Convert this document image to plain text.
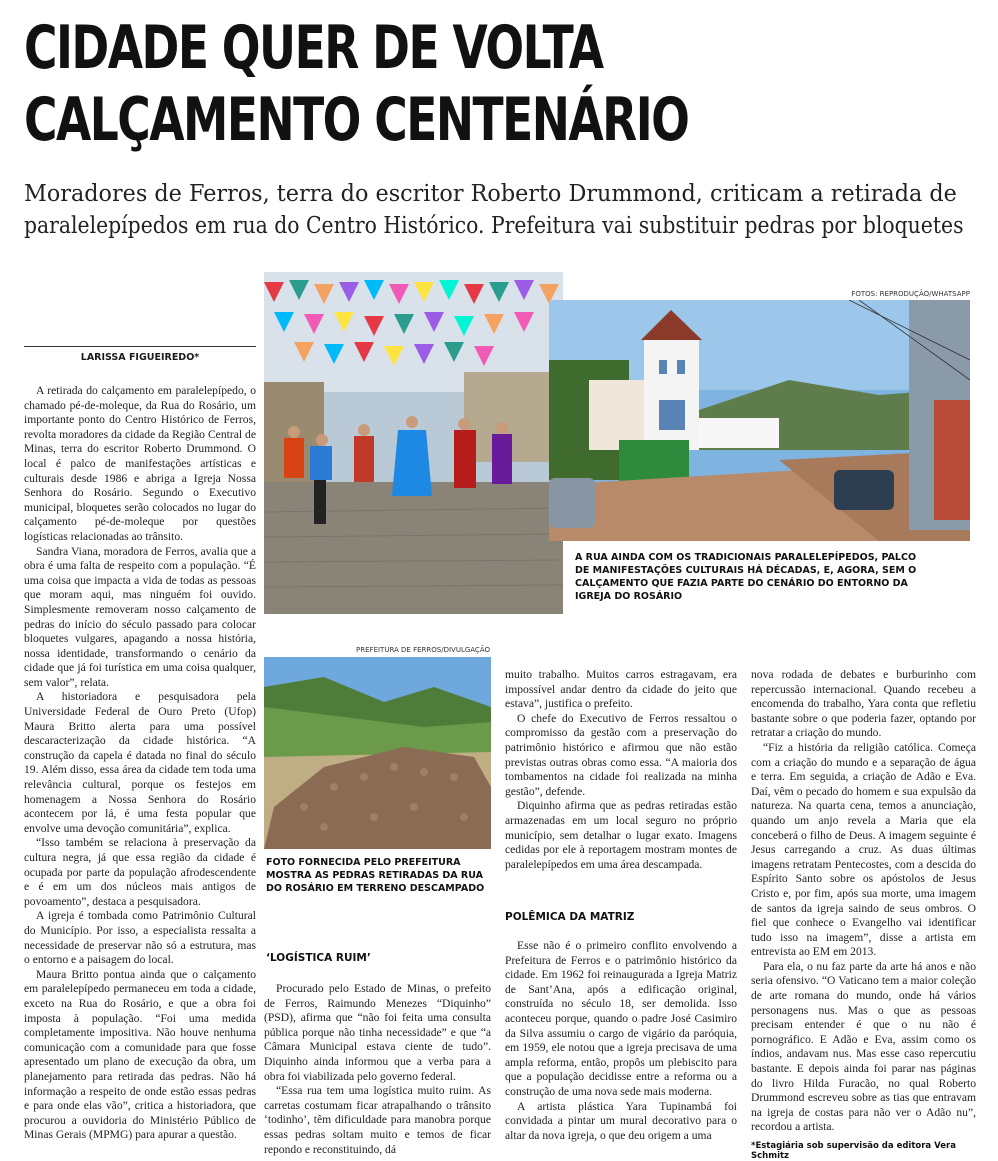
CIDADE QUER DE VOLTA
CALÇAMENTO CENTENÁRIO
Moradores de Ferros, terra do escritor Roberto Drummond, criticam a retirada de
paralelepípedos em rua do Centro Histórico. Prefeitura vai substituir pedras por bloquetes
LARISSA FIGUEIREDO*
FOTOS: REPRODUÇÃO/WHATSAPP
A RUA AINDA COM OS TRADICIONAIS PARALELEPÍPEDOS, PALCO DE MANIFESTAÇÕES CULTURAIS HÁ DÉCADAS, E, AGORA, SEM O CALÇAMENTO QUE FAZIA PARTE DO CENÁRIO DO ENTORNO DA IGREJA DO ROSÁRIO
PREFEITURA DE FERROS/DIVULGAÇÃO
FOTO FORNECIDA PELO PREFEITURA MOSTRA AS PEDRAS RETIRADAS DA RUA DO ROSÁRIO EM TERRENO DESCAMPADO

A retirada do calçamento em paralelepípedo, o chamado pé-de-moleque, da Rua do Rosário, um importante ponto do Centro Histórico de Ferros, revolta moradores da cidade da Região Central de Minas, terra do escritor Roberto Drummond. O local é palco de manifestações artísticas e culturais desde 1986 e abriga a Igreja Nossa Senhora do Rosário. Segundo o Executivo municipal, bloquetes serão colocados no lugar do calçamento pé-de-moleque por questões logísticas relacionadas ao trânsito.

Sandra Viana, moradora de Ferros, avalia que a obra é uma falta de respeito com a população. “É uma coisa que impacta a vida de todas as pessoas que moram aqui, mas ninguém foi ouvido. Simplesmente removeram nosso calçamento de pedras do início do século passado para colocar bloquetes vulgares, apagando a nossa história, nossa identidade, transformando o cenário da cidade que já foi turística em uma coisa qualquer, sem valor”, relata.

A historiadora e pesquisadora pela Universidade Federal de Ouro Preto (Ufop) Maura Britto alerta para uma possível descaracterização da cidade histórica. “A construção da capela é datada no final do século 19. Além disso, essa área da cidade tem toda uma relevância cultural, porque os festejos em homenagem a Nossa Senhora do Rosário acontecem por lá, é uma festa popular que envolve uma devoção comunitária”, explica.

“Isso também se relaciona à preservação da cultura negra, já que essa região da cidade é ocupada por parte da população afrodescendente e é em um dos núcleos mais antigos de povoamento”, destaca a pesquisadora.

A igreja é tombada como Patrimônio Cultural do Município. Por isso, a especialista ressalta a necessidade de preservar não só a estrutura, mas o entorno e a paisagem do local.

Maura Britto pontua ainda que o calçamento em paralelepípedo permaneceu em toda a cidade, exceto na Rua do Rosário, e que a obra foi imposta à população. “Foi uma medida completamente impositiva. Não houve nenhuma comunicação com a comunidade para que fosse apresentado um plano de execução da obra, um planejamento para retirada das pedras. Não há informação a respeito de onde estão essas pedras e para onde elas vão”, critica a historiadora, que procurou a ouvidoria do Ministério Público de Minas Gerais (MPMG) para apurar a questão.

‘LOGÍSTICA RUIM’

Procurado pelo Estado de Minas, o prefeito de Ferros, Raimundo Menezes “Diquinho” (PSD), afirma que “não foi feita uma consulta pública porque não tinha necessidade” e que “a Câmara Municipal estava ciente de tudo”. Diquinho ainda informou que a verba para a obra foi viabilizada pelo governo federal.

“Essa rua tem uma logística muito ruim. As carretas costumam ficar atrapalhando o trânsito ‘todinho’, têm dificuldade para manobra porque essas pedras soltam muito e temos de ficar repondo e reconstituindo, dá

muito trabalho. Muitos carros estragavam, era impossível andar dentro da cidade do jeito que estava”, justifica o prefeito.

O chefe do Executivo de Ferros ressaltou o compromisso da gestão com a preservação do patrimônio histórico e afirmou que não estão previstas outras obras como essa. “A maioria dos tombamentos na cidade foi realizada na minha gestão”, defende.

Diquinho afirma que as pedras retiradas estão armazenadas em um local seguro no próprio município, sem detalhar o lugar exato. Imagens cedidas por ele à reportagem mostram montes de paralelepípedos em uma área descampada.

POLÊMICA DA MATRIZ

Esse não é o primeiro conflito envolvendo a Prefeitura de Ferros e o patrimônio histórico da cidade. Em 1962 foi reinaugurada a Igreja Matriz de Sant’Ana, após a edificação original, construída no século 18, ser demolida. Isso aconteceu porque, quando o padre José Casimiro da Silva assumiu o cargo de vigário da paróquia, em 1959, ele notou que a igreja precisava de uma ampla reforma, então, propôs um plebiscito para que a população decidisse entre a reforma ou a construção de uma nova sede mais moderna.

A artista plástica Yara Tupinambá foi convidada a pintar um mural decorativo para o altar da nova igreja, o que deu origem a uma

nova rodada de debates e burburinho com repercussão internacional. Quando recebeu a encomenda do trabalho, Yara conta que refletiu bastante sobre o que poderia fazer, optando por retratar a criação do mundo.

“Fiz a história da religião católica. Começa com a criação do mundo e a separação de água e terra. Em seguida, a criação de Adão e Eva. Daí, vêm o pecado do homem e sua expulsão da natureza. Na quarta cena, temos a anunciação, quando um anjo revela a Maria que ela conceberá o filho de Deus. A imagem seguinte é Jesus carregando a cruz. As duas últimas imagens retratam Pentecostes, com a descida do Espírito Santo sobre os apóstolos de Jesus Cristo e, por fim, após sua morte, uma imagem de santos da igreja saindo de seus ombros. O fiel que conhece o Evangelho vai identificar tudo isso na imagem”, disse a artista em entrevista ao EM em 2013.

Para ela, o nu faz parte da arte há anos e não seria ofensivo. “O Vaticano tem a maior coleção de arte romana do mundo, onde há vários personagens nus. Mas o que as pessoas precisam entender é que o nu não é pornográfico. E Adão e Eva, assim como os índios, andavam nus. Mas esse caso repercutiu bastante. E depois ainda foi parar nas páginas do livro Hilda Furacão, no qual Roberto Drummond escreveu sobre as tias que entravam na igreja de costas para não ver o Adão nu”, recordou a artista.

*Estagiária sob supervisão da editora Vera Schmitz
